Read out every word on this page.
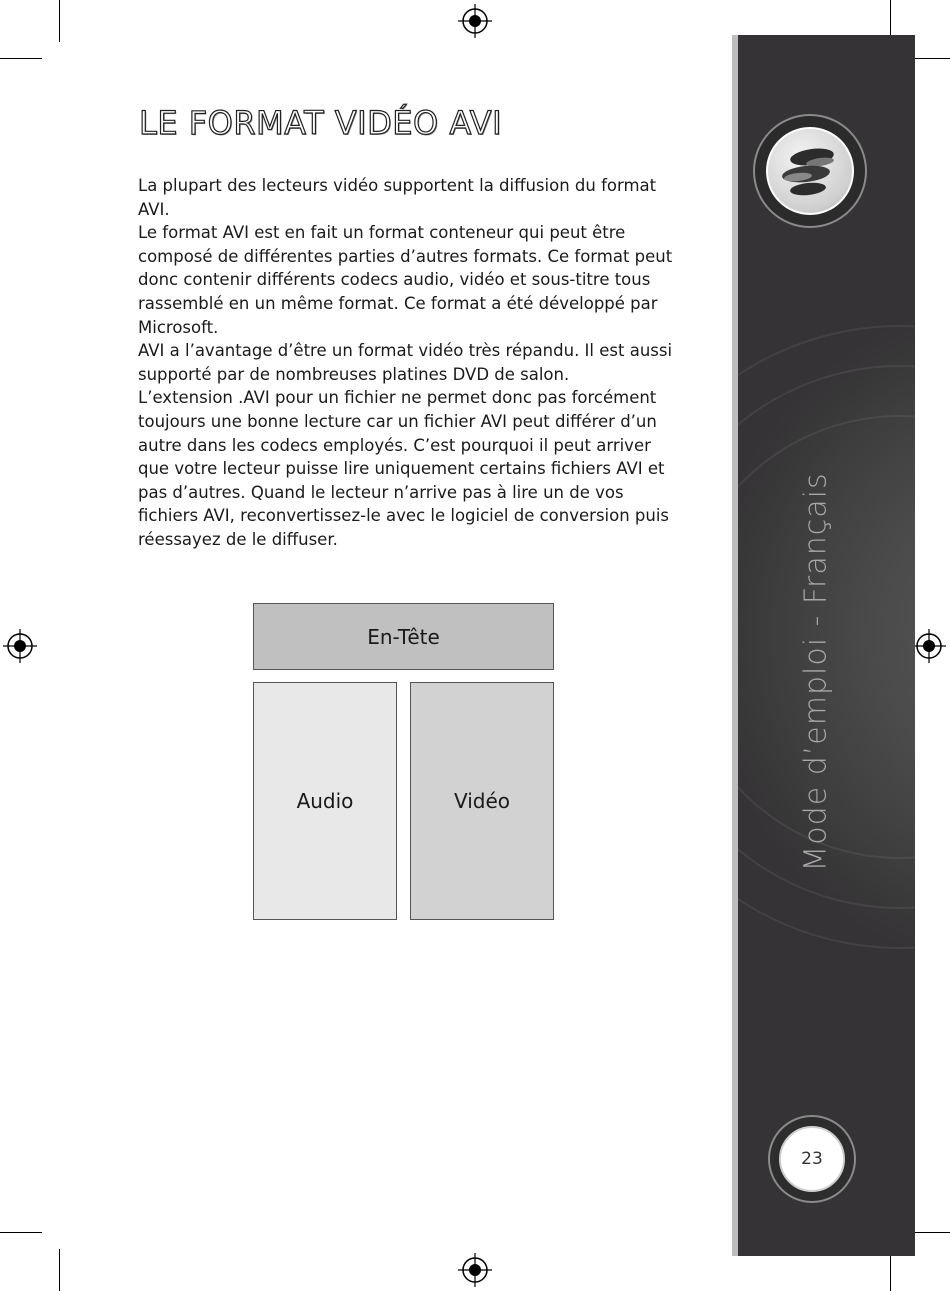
Mode d’emploi - Français
23
LE FORMAT VIDÉO AVI

La plupart des lecteurs vidéo supportent la diffusion du format AVI.

Le format AVI est en fait un format conteneur qui peut être composé de différentes parties d’autres formats. Ce format peut donc contenir différents codecs audio, vidéo et sous-titre tous rassemblé en un même format. Ce format a été développé par Microsoft.

AVI a l’avantage d’être un format vidéo très répandu. Il est aussi supporté par de nombreuses platines DVD de salon.

L’extension .AVI pour un fichier ne permet donc pas forcément toujours une bonne lecture car un fichier AVI peut différer d’un autre dans les codecs employés. C’est pourquoi il peut arriver que votre lecteur puisse lire uniquement certains fichiers AVI et pas d’autres. Quand le lecteur n’arrive pas à lire un de vos fichiers AVI, reconvertissez-le avec le logiciel de conversion puis réessayez de le diffuser.

En-Tête
Audio	Vidéo
